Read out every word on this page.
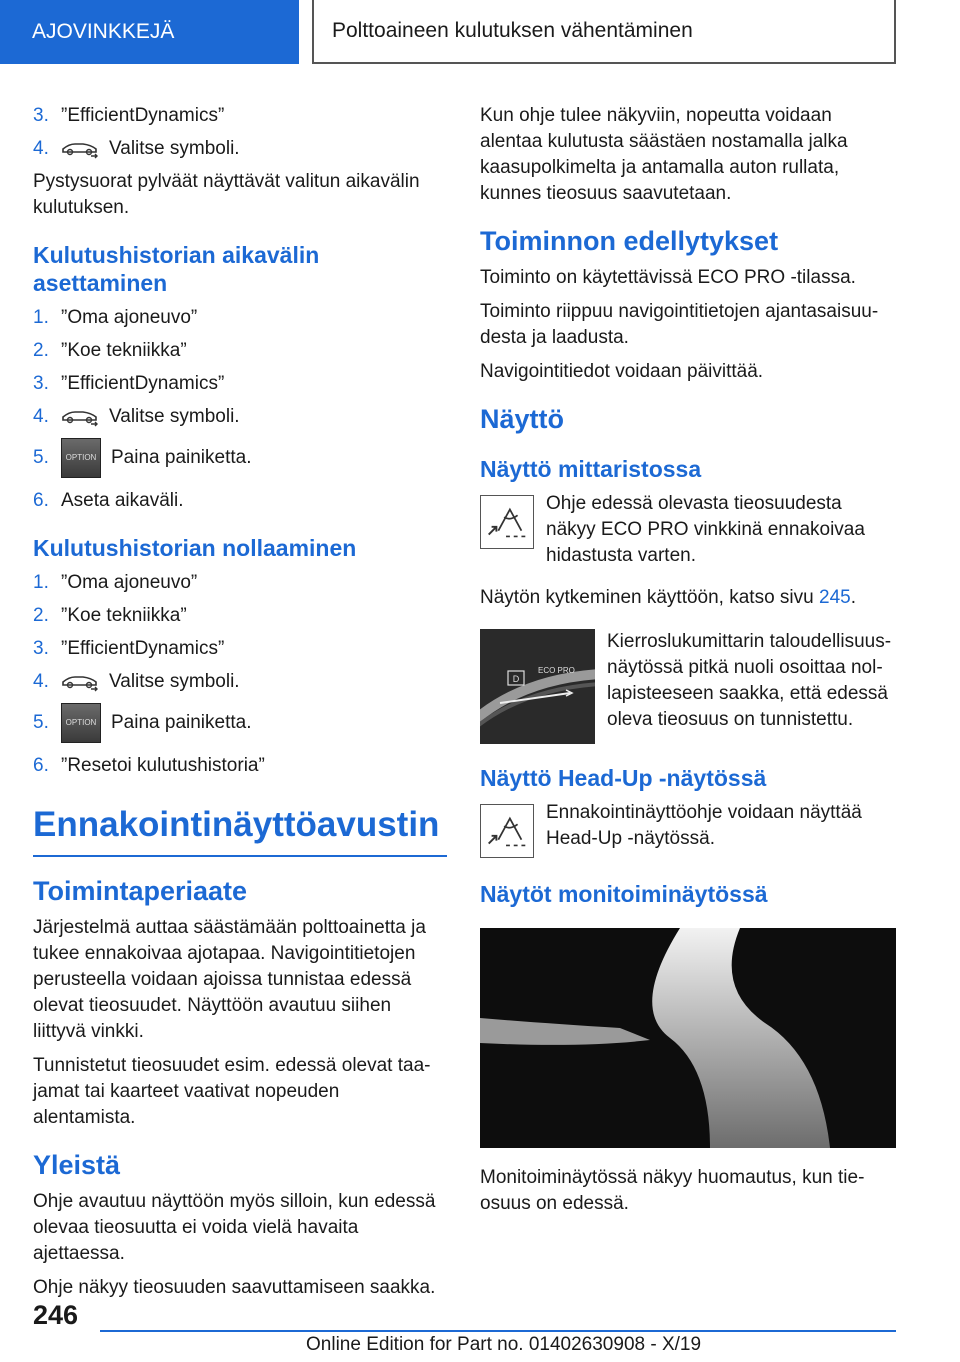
AJOVINKKEJÄ	Polttoaineen kulutuksen vähentäminen
3. ”EfficientDynamics”
4.	Valitse symboli.

Pystysuorat pylväät näyttävät valitun aikavälin kulutuksen.

Kulutushistorian aikavälin asettaminen
1. ”Oma ajoneuvo”
2. ”Koe tekniikka”
3. ”EfficientDynamics”
4.	Valitse symboli.
5.	OPTION Paina painiketta.
6. Aseta aikaväli.
Kulutushistorian nollaaminen
1. ”Oma ajoneuvo”
2. ”Koe tekniikka”
3. ”EfficientDynamics”
4.	Valitse symboli.
5.	OPTION Paina painiketta.
6. ”Resetoi kulutushistoria”
Ennakointinäyttöavustin
Toimintaperiaate

Järjestelmä auttaa säästämään polttoainetta ja tukee ennakoivaa ajotapaa. Navigointitietojen perusteella voidaan ajoissa tunnistaa edessä olevat tieosuudet. Näyttöön avautuu siihen liittyvä vinkki.

Tunnistetut tieosuudet esim. edessä olevat taajamat tai kaarteet vaativat nopeuden alentamista.

Yleistä

Ohje avautuu näyttöön myös silloin, kun edessä olevaa tieosuutta ei voida vielä havaita ajettaessa.

Ohje näkyy tieosuuden saavuttamiseen saakka.

Kun ohje tulee näkyviin, nopeutta voidaan alentaa kulutusta säästäen nostamalla jalka kaasupolkimelta ja antamalla auton rullata, kunnes tieosuus saavutetaan.

Toiminnon edellytykset

Toiminto on käytettävissä ECO PRO -tilassa.

Toiminto riippuu navigointitietojen ajantasaisuudesta ja laadusta.

Navigointitiedot voidaan päivittää.

Näyttö
Näyttö mittaristossa

Ohje edessä olevasta tieosuudesta näkyy ECO PRO vinkkinä ennakoivaa hidastusta varten.

Näytön kytkeminen käyttöön, katso sivu 245.

D
ECO PRO

Kierroslukumittarin taloudellisuusnäytössä pitkä nuoli osoittaa nollapisteeseen saakka, että edessä oleva tieosuus on tunnistettu.

Näyttö Head-Up -näytössä

Ennakointinäyttöohje voidaan näyttää Head-Up -näytössä.

Näytöt monitoiminäytössä

Monitoiminäytössä näkyy huomautus, kun tieosuus on edessä.

246
Online Edition for Part no. 01402630908 - X/19
